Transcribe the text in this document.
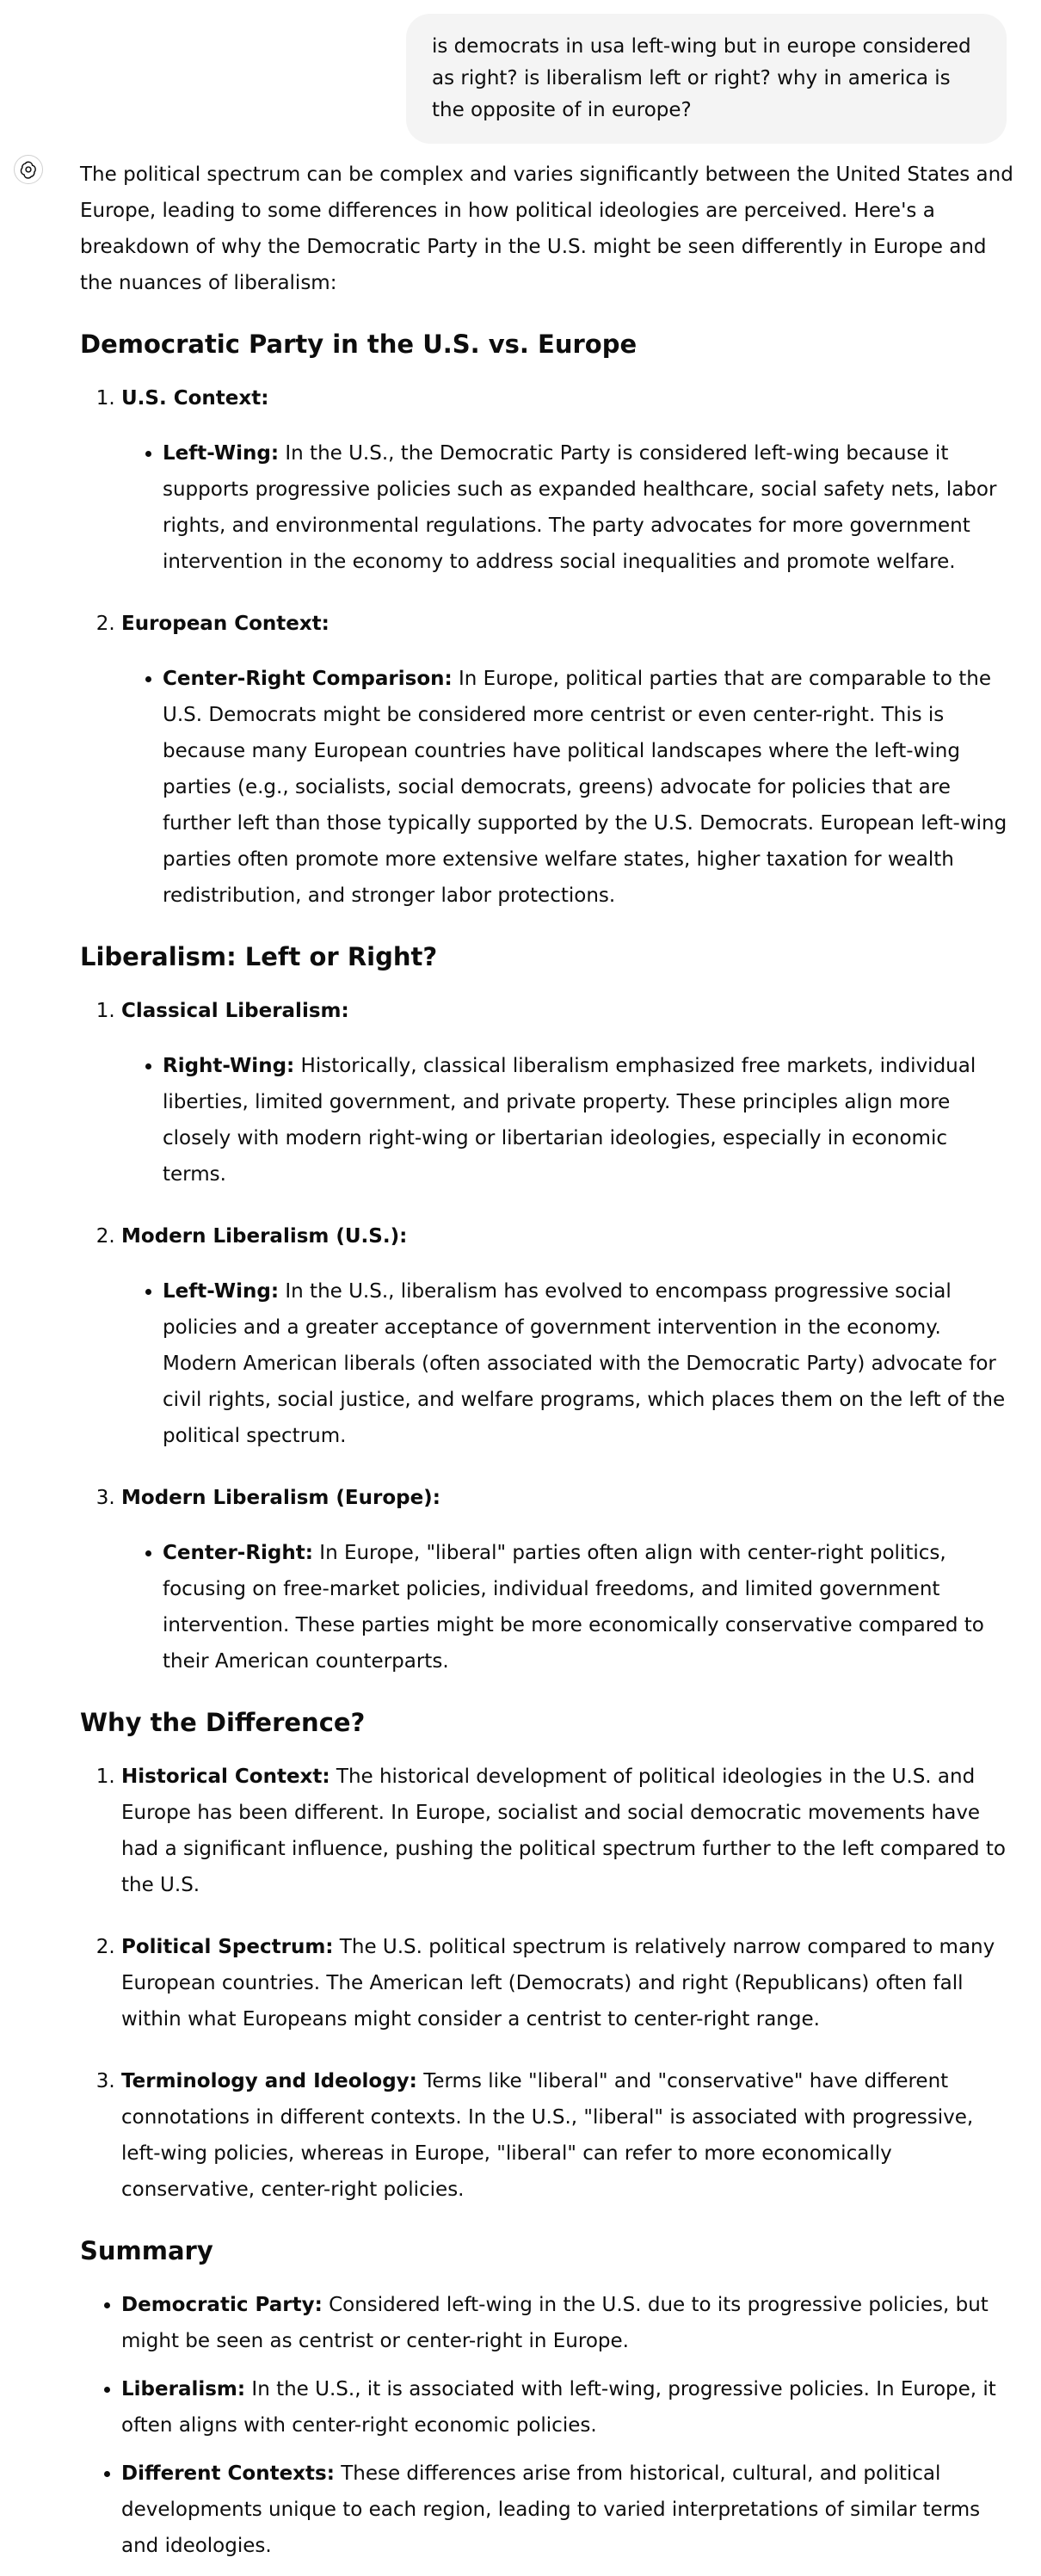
is democrats in usa left-wing but in europe considered as right? is liberalism left or right? why in america is the opposite of in europe?

The political spectrum can be complex and varies significantly between the United States and Europe, leading to some differences in how political ideologies are perceived. Here's a breakdown of why the Democratic Party in the U.S. might be seen differently in Europe and the nuances of liberalism:

Democratic Party in the U.S. vs. Europe
1. U.S. Context:
• Left-Wing: In the U.S., the Democratic Party is considered left-wing because it supports progressive policies such as expanded healthcare, social safety nets, labor rights, and environmental regulations. The party advocates for more government intervention in the economy to address social inequalities and promote welfare.
2. European Context:
• Center-Right Comparison: In Europe, political parties that are comparable to the U.S. Democrats might be considered more centrist or even center-right. This is because many European countries have political landscapes where the left-wing parties (e.g., socialists, social democrats, greens) advocate for policies that are further left than those typically supported by the U.S. Democrats. European left-wing parties often promote more extensive welfare states, higher taxation for wealth redistribution, and stronger labor protections.
Liberalism: Left or Right?
1. Classical Liberalism:
• Right-Wing: Historically, classical liberalism emphasized free markets, individual liberties, limited government, and private property. These principles align more closely with modern right-wing or libertarian ideologies, especially in economic terms.
2. Modern Liberalism (U.S.):
• Left-Wing: In the U.S., liberalism has evolved to encompass progressive social policies and a greater acceptance of government intervention in the economy. Modern American liberals (often associated with the Democratic Party) advocate for civil rights, social justice, and welfare programs, which places them on the left of the political spectrum.
3. Modern Liberalism (Europe):
• Center-Right: In Europe, "liberal" parties often align with center-right politics, focusing on free-market policies, individual freedoms, and limited government intervention. These parties might be more economically conservative compared to their American counterparts.
Why the Difference?
1. Historical Context: The historical development of political ideologies in the U.S. and Europe has been different. In Europe, socialist and social democratic movements have had a significant influence, pushing the political spectrum further to the left compared to the U.S.
2. Political Spectrum: The U.S. political spectrum is relatively narrow compared to many European countries. The American left (Democrats) and right (Republicans) often fall within what Europeans might consider a centrist to center-right range.
3. Terminology and Ideology: Terms like "liberal" and "conservative" have different connotations in different contexts. In the U.S., "liberal" is associated with progressive, left-wing policies, whereas in Europe, "liberal" can refer to more economically conservative, center-right policies.
Summary
• Democratic Party: Considered left-wing in the U.S. due to its progressive policies, but might be seen as centrist or center-right in Europe.
• Liberalism: In the U.S., it is associated with left-wing, progressive policies. In Europe, it often aligns with center-right economic policies.
• Different Contexts: These differences arise from historical, cultural, and political developments unique to each region, leading to varied interpretations of similar terms and ideologies.
